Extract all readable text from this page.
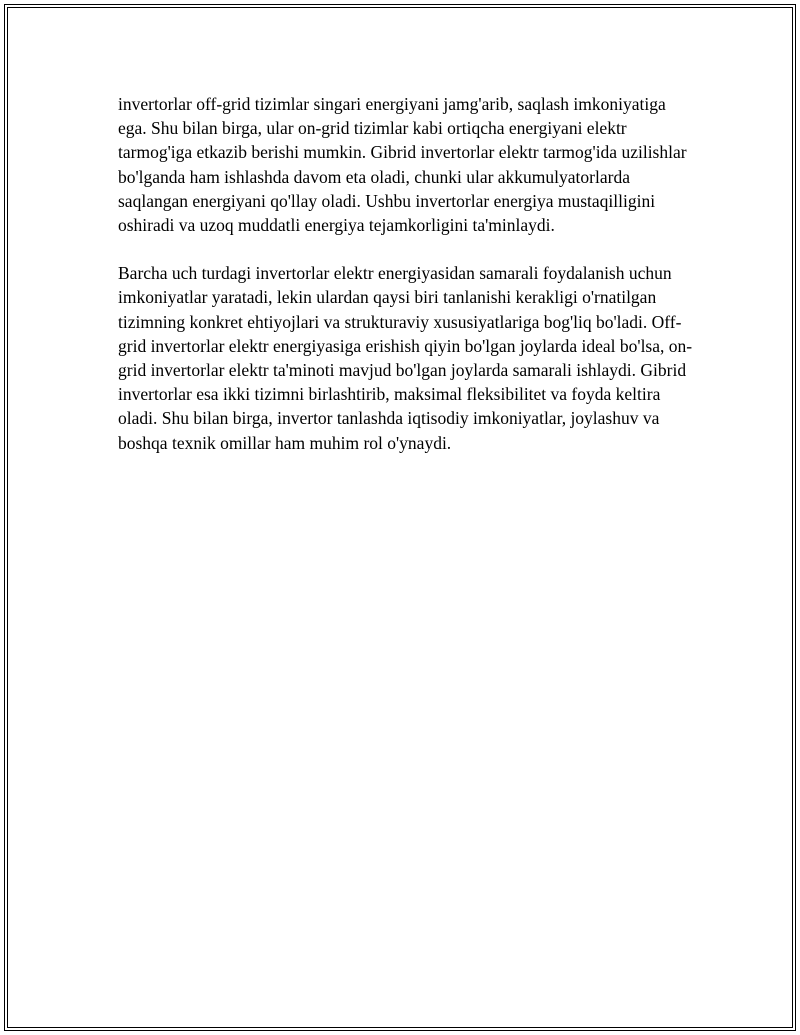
invertorlar off-grid tizimlar singari energiyani jamg'arib, saqlash imkoniyatiga ega. Shu bilan birga, ular on-grid tizimlar kabi ortiqcha energiyani elektr tarmog'iga etkazib berishi mumkin. Gibrid invertorlar elektr tarmog'ida uzilishlar bo'lganda ham ishlashda davom eta oladi, chunki ular akkumulyatorlarda saqlangan energiyani qo'llay oladi. Ushbu invertorlar energiya mustaqilligini oshiradi va uzoq muddatli energiya tejamkorligini ta'minlaydi.

Barcha uch turdagi invertorlar elektr energiyasidan samarali foydalanish uchun imkoniyatlar yaratadi, lekin ulardan qaysi biri tanlanishi kerakligi o'rnatilgan tizimning konkret ehtiyojlari va strukturaviy xususiyatlariga bog'liq bo'ladi. Off-grid invertorlar elektr energiyasiga erishish qiyin bo'lgan joylarda ideal bo'lsa, on-grid invertorlar elektr ta'minoti mavjud bo'lgan joylarda samarali ishlaydi. Gibrid invertorlar esa ikki tizimni birlashtirib, maksimal fleksibilitet va foyda keltira oladi. Shu bilan birga, invertor tanlashda iqtisodiy imkoniyatlar, joylashuv va boshqa texnik omillar ham muhim rol o'ynaydi.
